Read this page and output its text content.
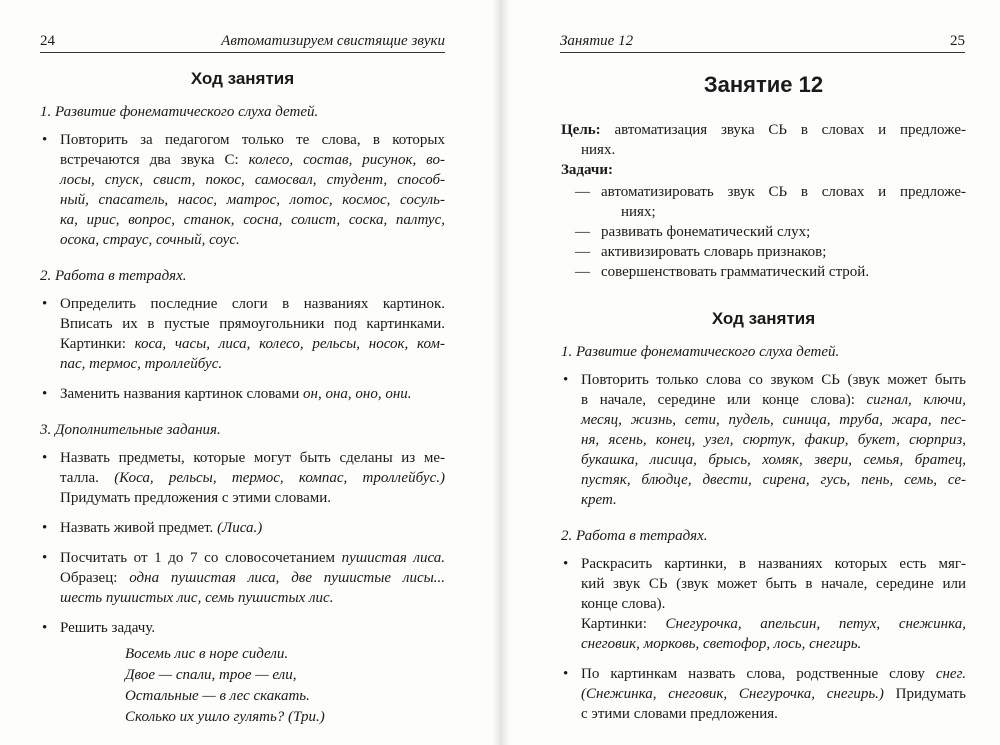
24	Автоматизируем свистящие звуки
Ход занятия
1. Развитие фонематического слуха детей.
• Повторить за педагогом только те слова, в которых
встречаются два звука С: колесо, состав, рисунок, во-
лосы, спуск, свист, покос, самосвал, студент, способ-
ный, спасатель, насос, матрос, лотос, космос, сосуль-
ка, ирис, вопрос, станок, сосна, солист, соска, палтус,
осока, страус, сочный, соус.
2. Работа в тетрадях.
• Определить последние слоги в названиях картинок.
Вписать их в пустые прямоугольники под картинками.
Картинки: коса, часы, лиса, колесо, рельсы, носок, ком-
пас, термос, троллейбус.
• Заменить названия картинок словами он, она, оно, они.
3. Дополнительные задания.
• Назвать предметы, которые могут быть сделаны из ме-
талла. (Коса, рельсы, термос, компас, троллейбус.)
Придумать предложения с этими словами.
• Назвать живой предмет. (Лиса.)
• Посчитать от 1 до 7 со словосочетанием пушистая лиса.
Образец: одна пушистая лиса, две пушистые лисы...
шесть пушистых лис, семь пушистых лис.
• Решить задачу.
Восемь лис в норе сидели.
Двое — спали, трое — ели,
Остальные — в лес скакать.
Сколько их ушло гулять? (Три.)
Занятие 12	25
Занятие 12
Цель: автоматизация звука СЬ в словах и предложе-
ниях.
Задачи:
— автоматизировать звук СЬ в словах и предложе-
ниях;
— развивать фонематический слух;
— активизировать словарь признаков;
— совершенствовать грамматический строй.
Ход занятия
1. Развитие фонематического слуха детей.
• Повторить только слова со звуком СЬ (звук может быть
в начале, середине или конце слова): сигнал, ключи,
месяц, жизнь, сети, пудель, синица, труба, жара, пес-
ня, ясень, конец, узел, сюртук, факир, букет, сюрприз,
букашка, лисица, брысь, хомяк, звери, семья, братец,
пустяк, блюдце, двести, сирена, гусь, пень, семь, се-
крет.
2. Работа в тетрадях.
• Раскрасить картинки, в названиях которых есть мяг-
кий звук СЬ (звук может быть в начале, середине или
конце слова).
Картинки: Снегурочка, апельсин, петух, снежинка,
снеговик, морковь, светофор, лось, снегирь.
• По картинкам назвать слова, родственные слову снег.
(Снежинка, снеговик, Снегурочка, снегирь.) Придумать
с этими словами предложения.
